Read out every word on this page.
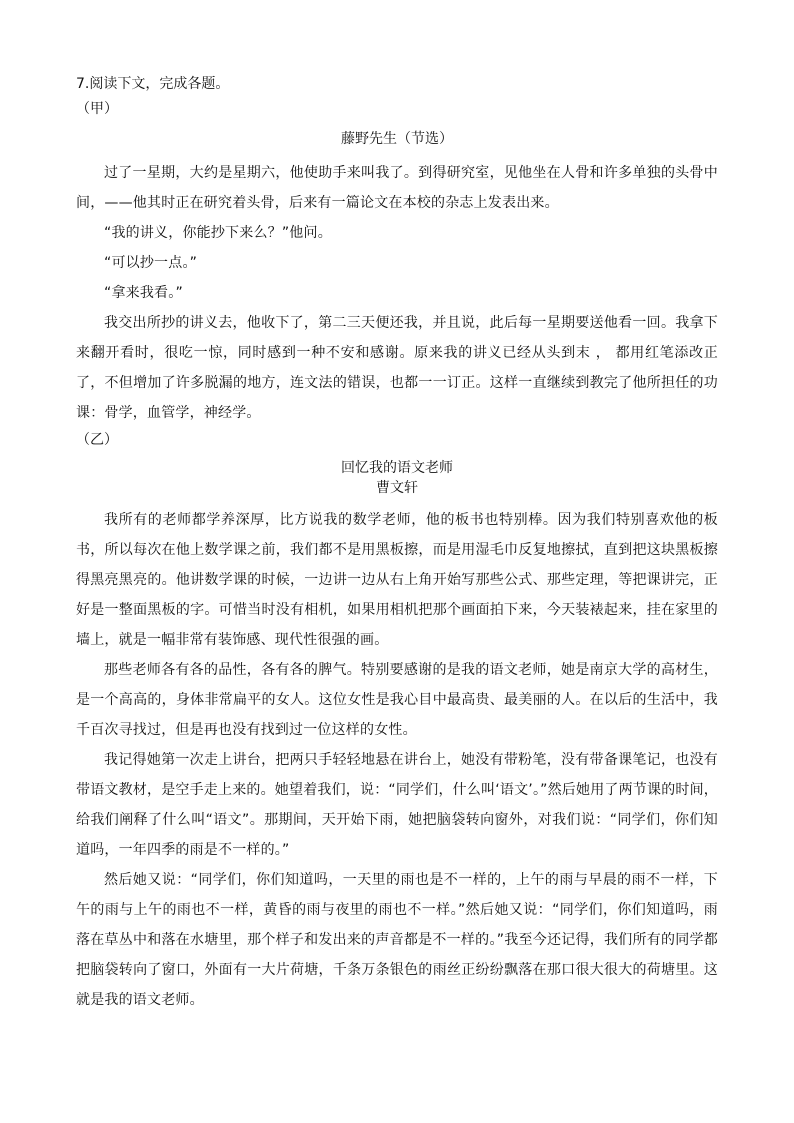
7.阅读下文，完成各题。
（甲）
藤野先生（节选）
过了一星期，大约是星期六，他使助手来叫我了。到得研究室，见他坐在人骨和许多单独的头骨中间，——他其时正在研究着头骨，后来有一篇论文在本校的杂志上发表出来。
“我的讲义，你能抄下来么？”他问。
“可以抄一点。”
“拿来我看。”
我交出所抄的讲义去，他收下了，第二三天便还我，并且说，此后每一星期要送他看一回。我拿下来翻开看时，很吃一惊，同时感到一种不安和感谢。原来我的讲义已经从头到末 ， 都用红笔添改正了，不但增加了许多脱漏的地方，连文法的错误，也都一一订正。这样一直继续到教完了他所担任的功课：骨学，血管学，神经学。
（乙）
回忆我的语文老师
曹文轩
我所有的老师都学养深厚，比方说我的数学老师，他的板书也特别棒。因为我们特别喜欢他的板书，所以每次在他上数学课之前，我们都不是用黑板擦，而是用湿毛巾反复地擦拭，直到把这块黑板擦得黑亮黑亮的。他讲数学课的时候，一边讲一边从右上角开始写那些公式、那些定理，等把课讲完，正好是一整面黑板的字。可惜当时没有相机，如果用相机把那个画面拍下来，今天装裱起来，挂在家里的墙上，就是一幅非常有装饰感、现代性很强的画。
那些老师各有各的品性，各有各的脾气。特别要感谢的是我的语文老师，她是南京大学的高材生，是一个高高的，身体非常扁平的女人。这位女性是我心目中最高贵、最美丽的人。在以后的生活中，我千百次寻找过，但是再也没有找到过一位这样的女性。
我记得她第一次走上讲台，把两只手轻轻地悬在讲台上，她没有带粉笔，没有带备课笔记，也没有带语文教材，是空手走上来的。她望着我们，说：“同学们，什么叫‘语文’。”然后她用了两节课的时间，给我们阐释了什么叫“语文”。那期间，天开始下雨，她把脑袋转向窗外，对我们说：“同学们，你们知道吗，一年四季的雨是不一样的。”
然后她又说：“同学们，你们知道吗，一天里的雨也是不一样的，上午的雨与早晨的雨不一样，下午的雨与上午的雨也不一样，黄昏的雨与夜里的雨也不一样。”然后她又说：“同学们，你们知道吗，雨落在草丛中和落在水塘里，那个样子和发出来的声音都是不一样的。”我至今还记得，我们所有的同学都把脑袋转向了窗口，外面有一大片荷塘，千条万条银色的雨丝正纷纷飘落在那口很大很大的荷塘里。这就是我的语文老师。
